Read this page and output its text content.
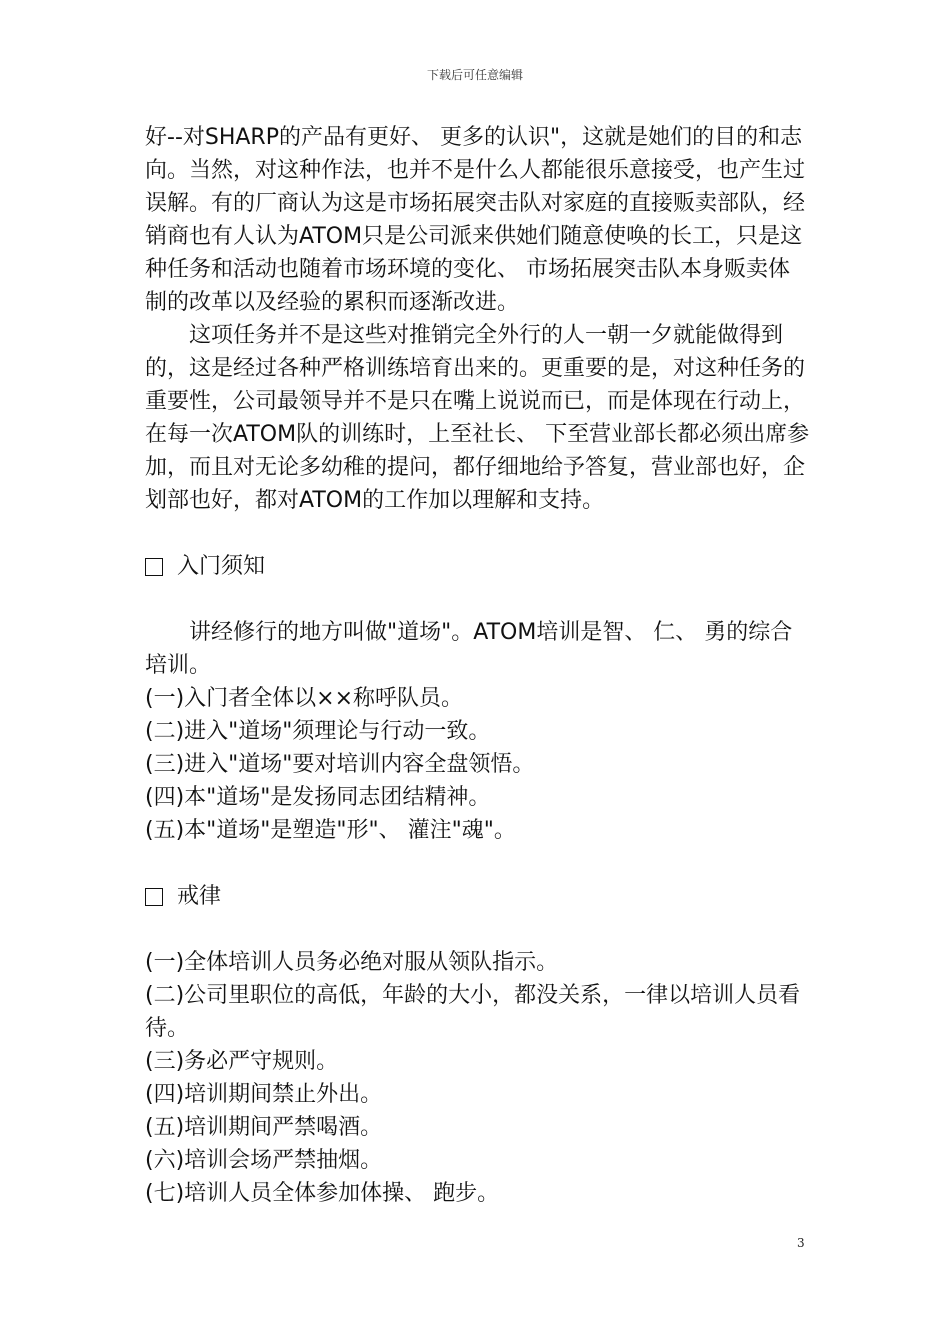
下载后可任意编辑

好--对SHARP的产品有更好、 更多的认识"，这就是她们的目的和志向。当然，对这种作法，也并不是什么人都能很乐意接受，也产生过误解。有的厂商认为这是市场拓展突击队对家庭的直接贩卖部队，经销商也有人认为ATOM只是公司派来供她们随意使唤的长工，只是这种任务和活动也随着市场环境的变化、 市场拓展突击队本身贩卖体制的改革以及经验的累积而逐渐改进。

这项任务并不是这些对推销完全外行的人一朝一夕就能做得到的，这是经过各种严格训练培育出来的。更重要的是，对这种任务的重要性，公司最领导并不是只在嘴上说说而已，而是体现在行动上，在每一次ATOM队的训练时，上至社长、 下至营业部长都必须出席参加，而且对无论多幼稚的提问，都仔细地给予答复，营业部也好，企划部也好，都对ATOM的工作加以理解和支持。

入门须知

讲经修行的地方叫做"道场"。ATOM培训是智、 仁、 勇的综合培训。

(一)入门者全体以××称呼队员。

(二)进入"道场"须理论与行动一致。

(三)进入"道场"要对培训内容全盘领悟。

(四)本"道场"是发扬同志团结精神。

(五)本"道场"是塑造"形"、 灌注"魂"。

戒律

(一)全体培训人员务必绝对服从领队指示。

(二)公司里职位的高低，年龄的大小，都没关系，一律以培训人员看待。

(三)务必严守规则。

(四)培训期间禁止外出。

(五)培训期间严禁喝酒。

(六)培训会场严禁抽烟。

(七)培训人员全体参加体操、 跑步。

3
